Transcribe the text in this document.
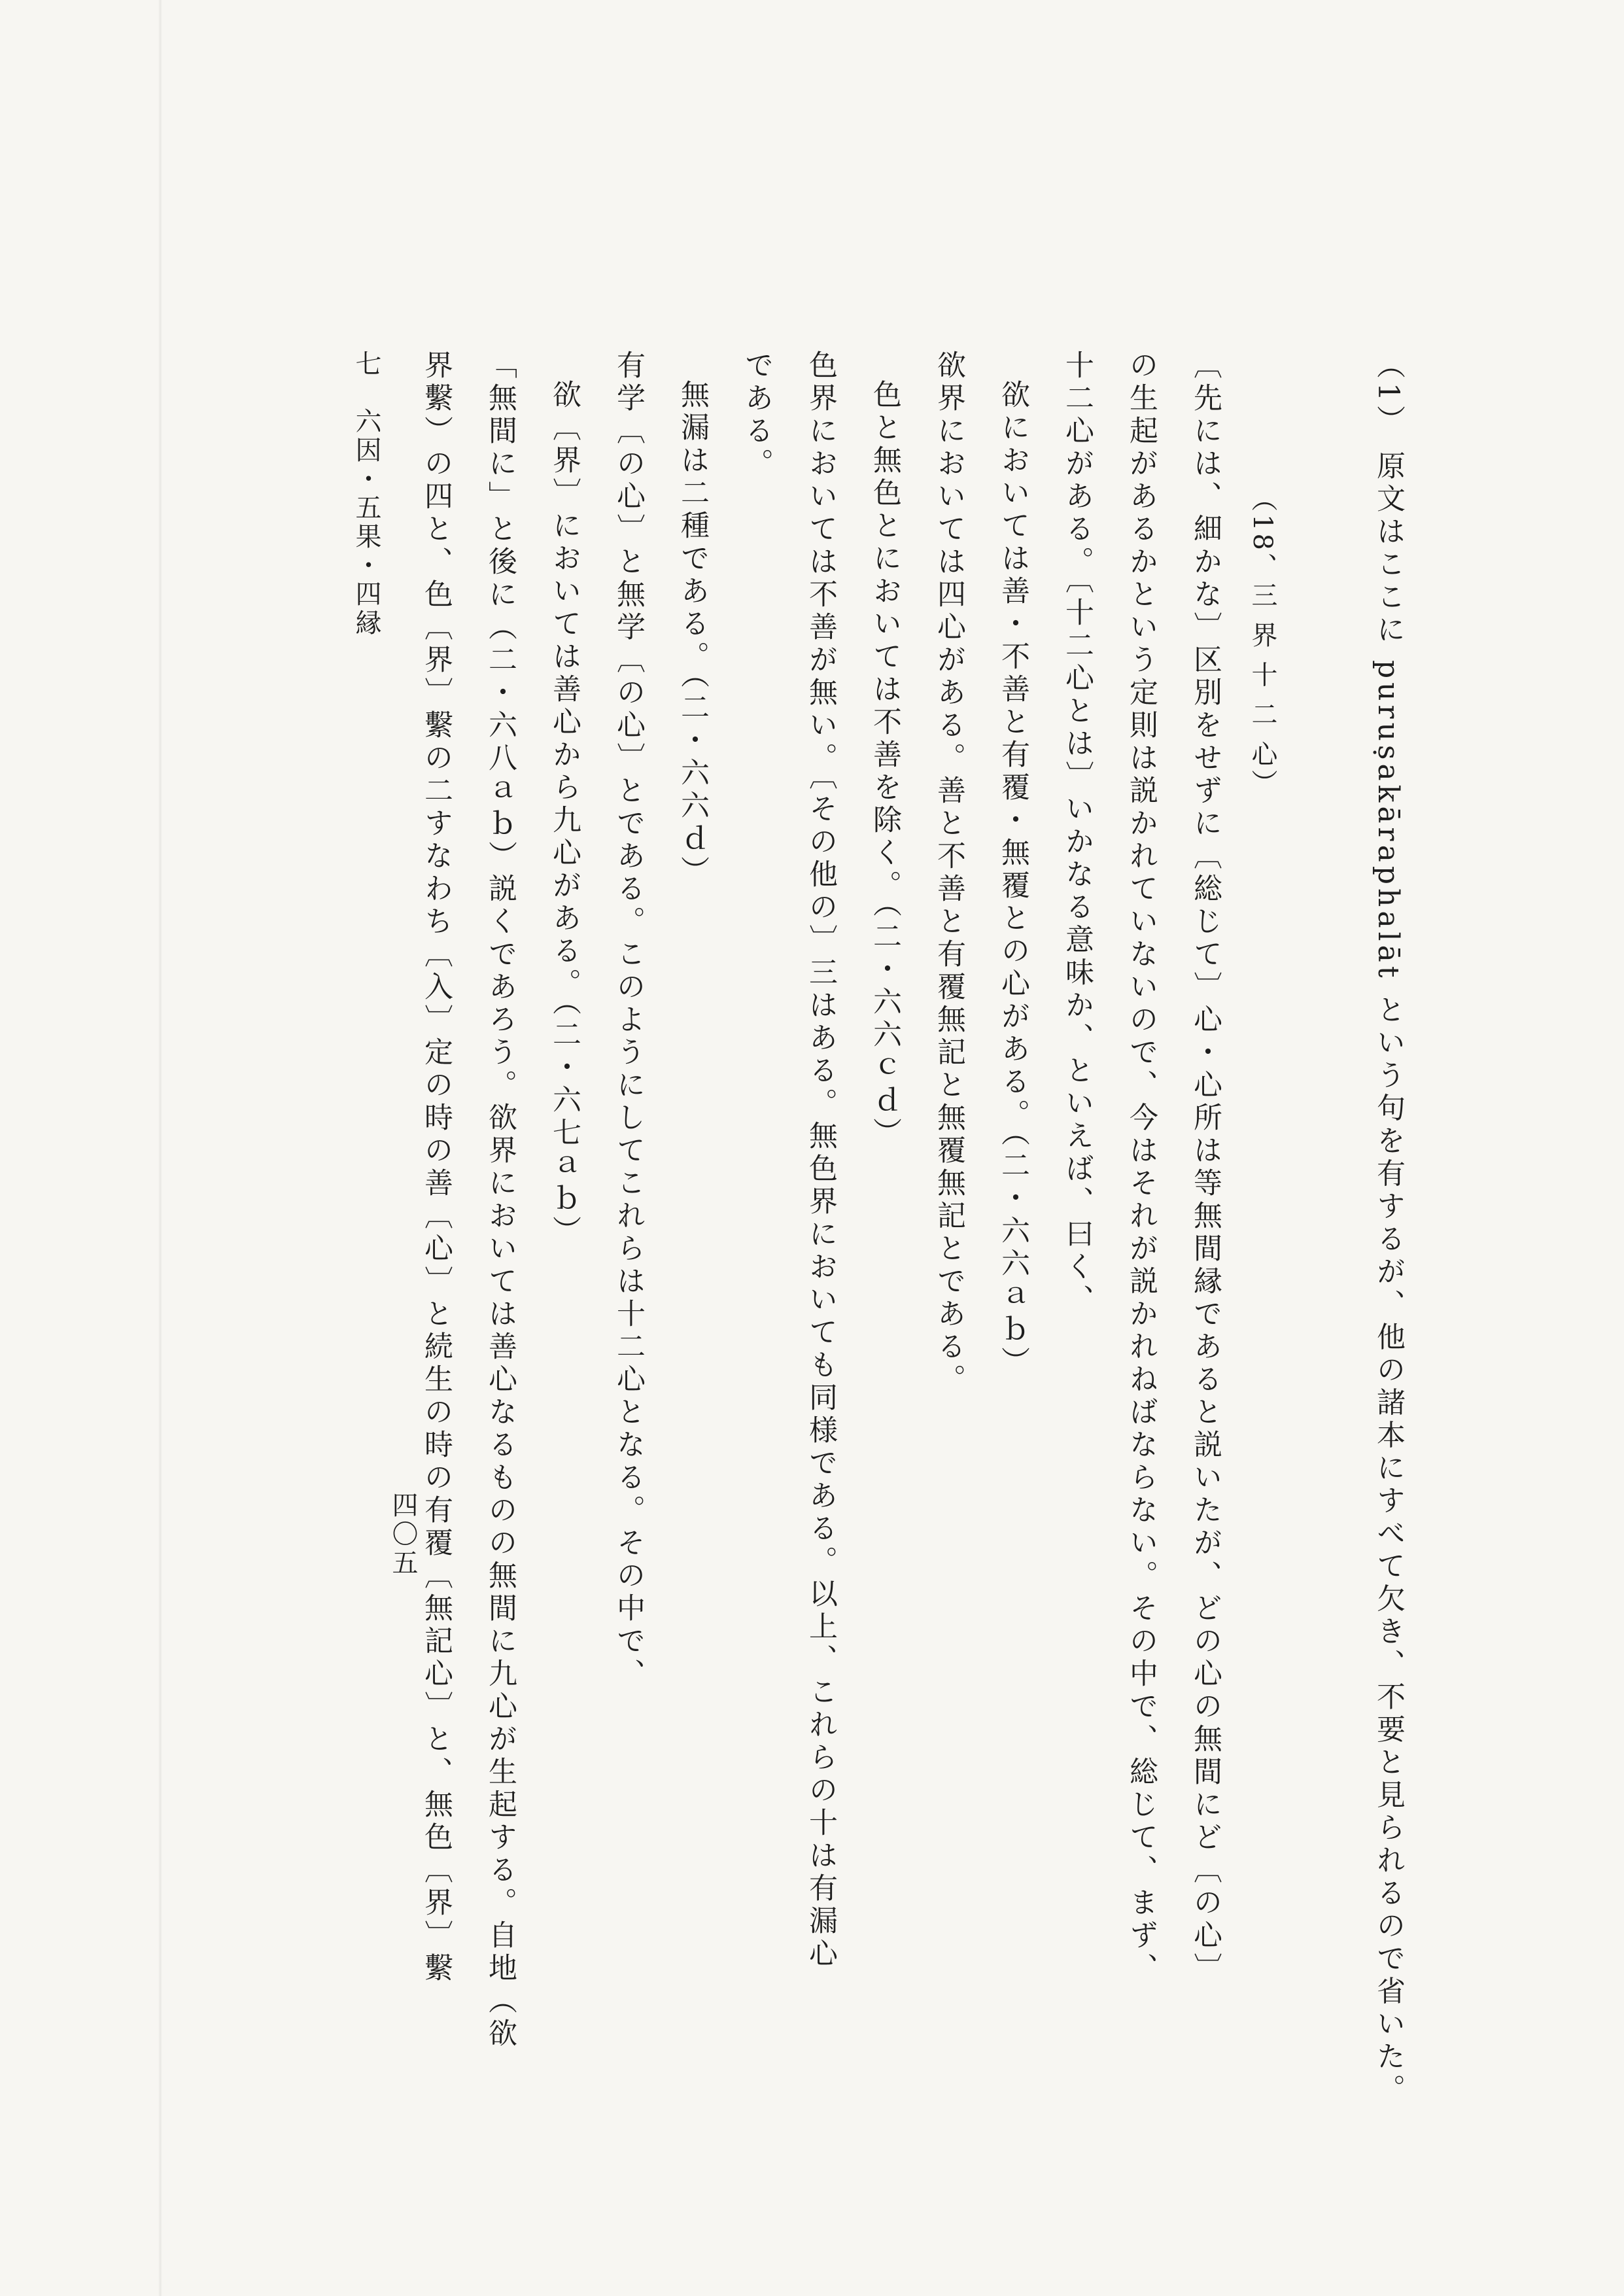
（1） 原文はここに puruṣakāraphalāt という句を有するが、他の諸本にすべて欠き、不要と見られるので省いた。
（18、三 界 十 二 心）
〔先には、細かな〕区別をせずに〔総じて〕心・心所は等無間縁であると説いたが、どの心の無間にど〔の心〕
の生起があるかという定則は説かれていないので、今はそれが説かれねばならない。その中で、総じて、まず、
十二心がある。〔十二心とは〕いかなる意味か、といえば、曰く、
欲においては善・不善と有覆・無覆との心がある。（二・六六ａｂ）
欲界においては四心がある。善と不善と有覆無記と無覆無記とである。
色と無色とにおいては不善を除く。（二・六六ｃｄ）
色界においては不善が無い。〔その他の〕三はある。無色界においても同様である。以上、これらの十は有漏心
である。
無漏は二種である。（二・六六ｄ）
有学〔の心〕と無学〔の心〕とである。このようにしてこれらは十二心となる。その中で、
欲〔界〕においては善心から九心がある。（二・六七ａｂ）
「無間に」と後に（二・六八ａｂ）説くであろう。欲界においては善心なるものの無間に九心が生起する。自地（欲
界繫）の四と、色〔界〕繫の二すなわち〔入〕定の時の善〔心〕と続生の時の有覆〔無記心〕と、無色〔界〕繫
四〇五
七　六因・五果・四縁
